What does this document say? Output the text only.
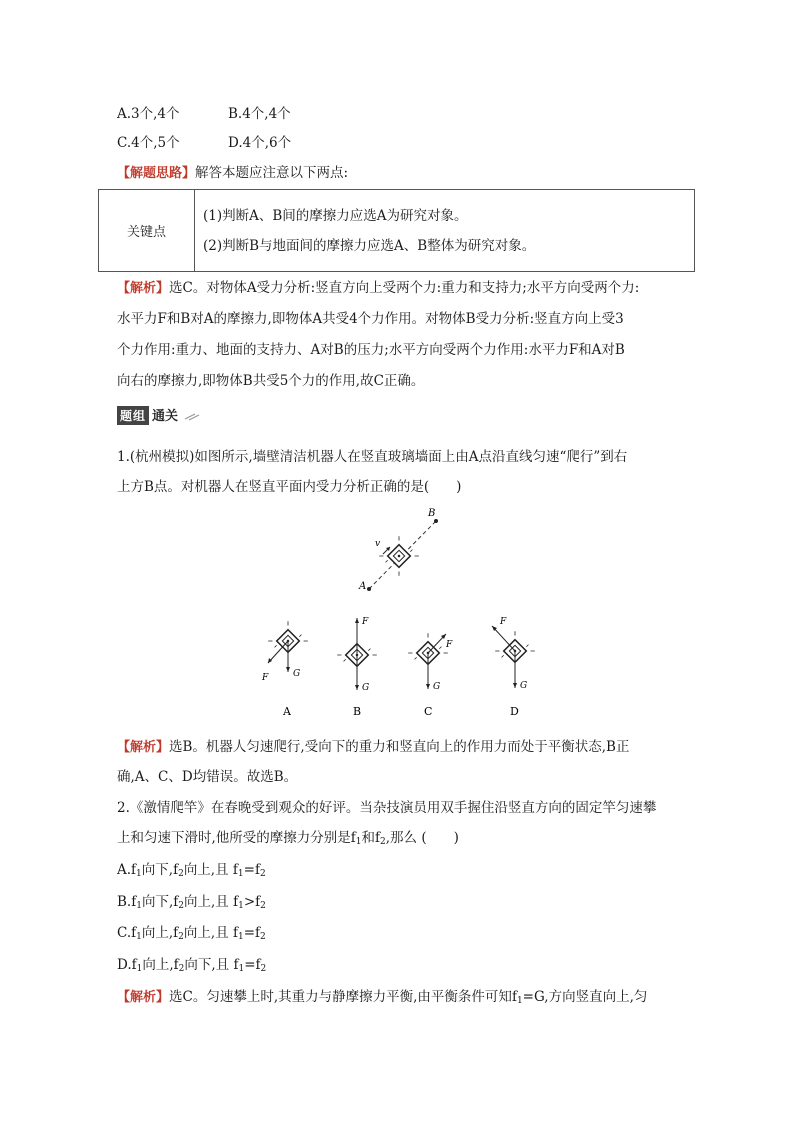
A.3个,4个	B.4个,4个
C.4个,5个	D.4个,6个
【解题思路】解答本题应注意以下两点:
关键点	
(1)判断A、B间的摩擦力应选A为研究对象。
(2)判断B与地面间的摩擦力应选A、B整体为研究对象。
【解析】选C。对物体A受力分析:竖直方向上受两个力:重力和支持力;水平方向受两个力:
水平力F和B对A的摩擦力,即物体A共受4个力作用。对物体B受力分析:竖直方向上受3
个力作用:重力、地面的支持力、A对B的压力;水平方向受两个力作用:水平力F和A对B
向右的摩擦力,即物体B共受5个力的作用,故C正确。
题组 通关
1.(杭州模拟)如图所示,墙壁清洁机器人在竖直玻璃墙面上由A点沿直线匀速“爬行”到右
上方B点。对机器人在竖直平面内受力分析正确的是(　　)
A
B
v
F	G
A
F
G
B
F
G
C
F
G
D
【解析】选B。机器人匀速爬行,受向下的重力和竖直向上的作用力而处于平衡状态,B正
确,A、C、D均错误。故选B。
2.《激情爬竿》在春晚受到观众的好评。当杂技演员用双手握住沿竖直方向的固定竿匀速攀
上和匀速下滑时,他所受的摩擦力分别是$f_1$和$f_2$,那么 (　　)
$A.f_1$向下$,f_2$向上,且 $f_1=f_2$
$B.f_1$向下$,f_2$向上,且 $f_1>f_2$
$C.f_1$向上$,f_2$向上,且 $f_1=f_2$
$D.f_1$向上$,f_2$向下,且 $f_1=f_2$
【解析】选C。匀速攀上时,其重力与静摩擦力平衡,由平衡条件可知$f_1=G$,方向竖直向上,匀
